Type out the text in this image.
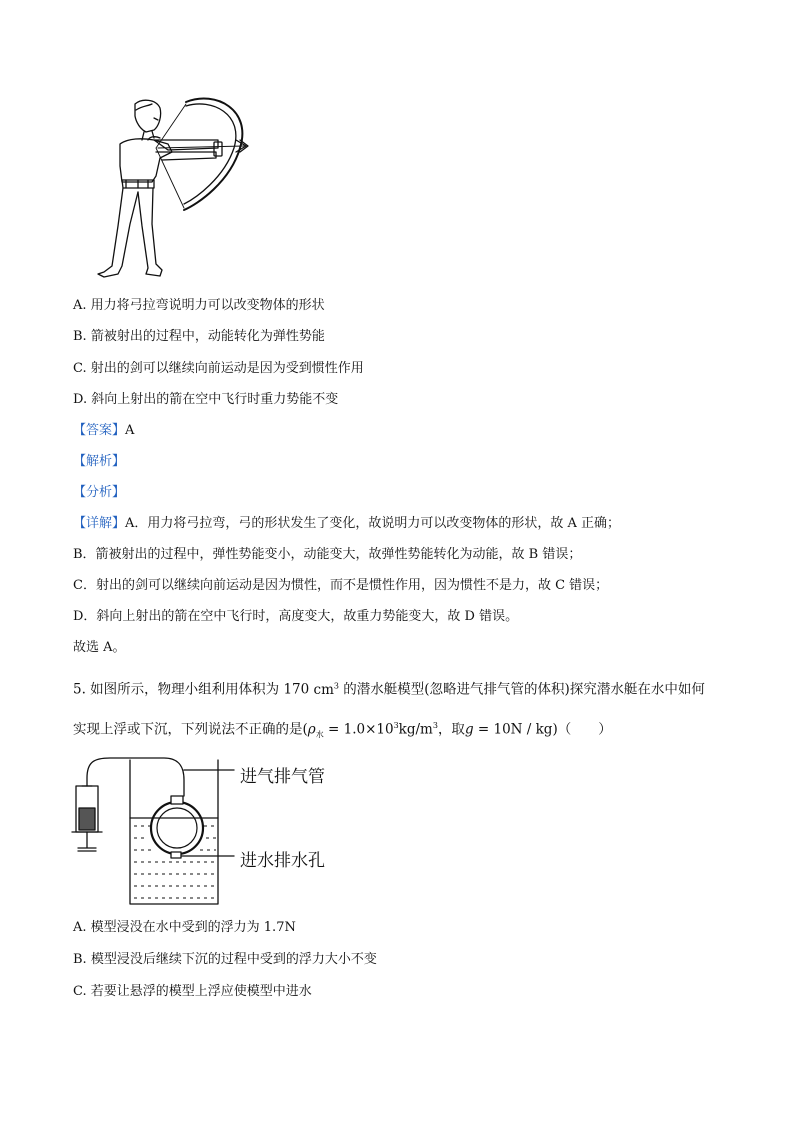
A. 用力将弓拉弯说明力可以改变物体的形状
B. 箭被射出的过程中，动能转化为弹性势能
C. 射出的剑可以继续向前运动是因为受到惯性作用
D. 斜向上射出的箭在空中飞行时重力势能不变
【答案】A
【解析】
【分析】
【详解】A．用力将弓拉弯，弓的形状发生了变化，故说明力可以改变物体的形状，故 A 正确；
B．箭被射出的过程中，弹性势能变小，动能变大，故弹性势能转化为动能，故 B 错误；
C．射出的剑可以继续向前运动是因为惯性，而不是惯性作用，因为惯性不是力，故 C 错误；
D．斜向上射出的箭在空中飞行时，高度变大，故重力势能变大，故 D 错误。
故选 A。
5. 如图所示，物理小组利用体积为 170 $cm^3$ 的潜水艇模型(忽略进气排气管的体积)探究潜水艇在水中如何
实现上浮或下沉，下列说法不正确的是($\rho_水 = 1.0\times 10^3kg/m^3$，取g = 10N / kg)（　　）
进气排气管
进水排水孔
A. 模型浸没在水中受到的浮力为 1.7N
B. 模型浸没后继续下沉的过程中受到的浮力大小不变
C. 若要让悬浮的模型上浮应使模型中进水
